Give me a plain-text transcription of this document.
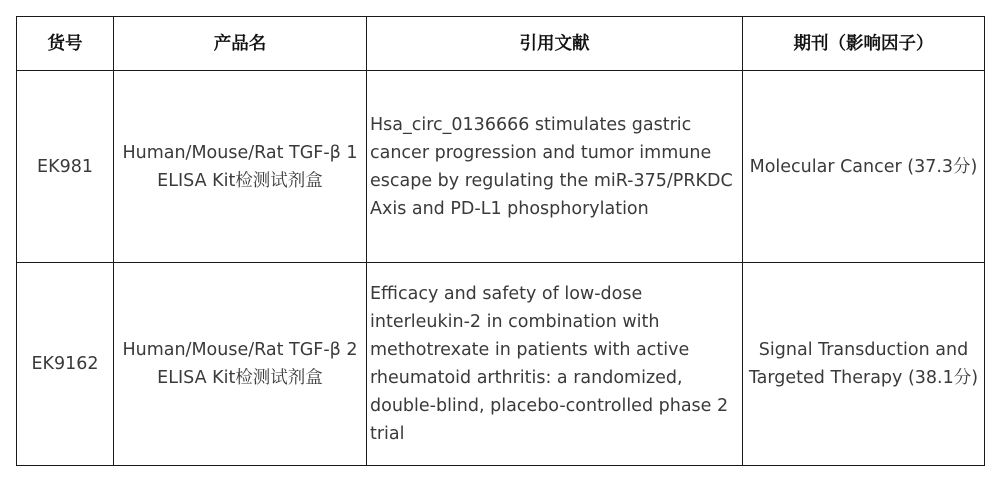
货号	产品名	引用文献	期刊（影响因子）
EK981	Human/Mouse/Rat TGF-β 1 ELISA Kit检测试剂盒	Hsa_circ_0136666 stimulates gastric cancer progression and tumor immune escape by regulating the miR-375/PRKDC Axis and PD-L1 phosphorylation	Molecular Cancer (37.3分)
EK9162	Human/Mouse/Rat TGF-β 2 ELISA Kit检测试剂盒	Efficacy and safety of low-dose interleukin-2 in combination with methotrexate in patients with active rheumatoid arthritis: a randomized, double-blind, placebo-controlled phase 2 trial	Signal Transduction and Targeted Therapy (38.1分)
